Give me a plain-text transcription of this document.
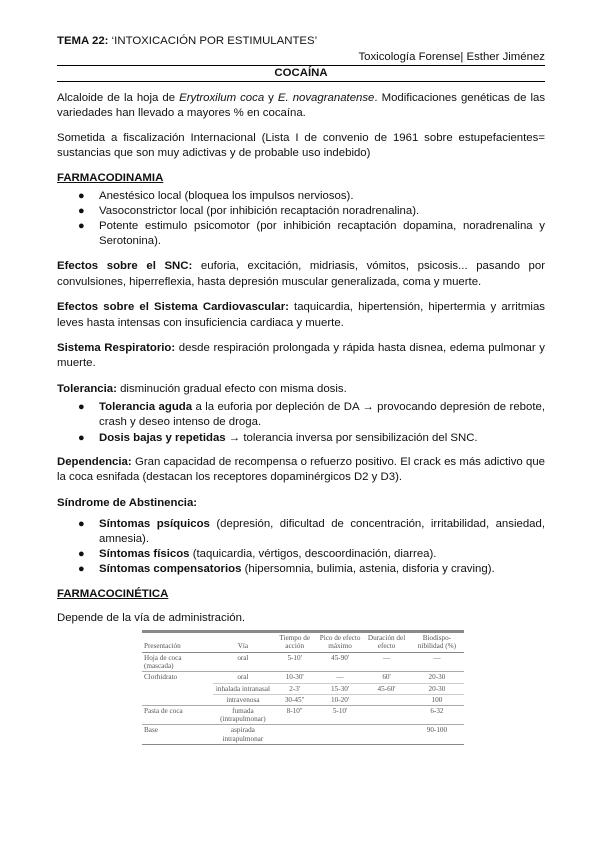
TEMA 22: ‘INTOXICACIÓN POR ESTIMULANTES’
Toxicología Forense| Esther Jiménez
COCAÍNA

Alcaloide de la hoja de Erytroxilum coca y E. novagranatense. Modificaciones genéticas de las variedades han llevado a mayores % en cocaína.

Sometida a fiscalización Internacional (Lista I de convenio de 1961 sobre estupefacientes= sustancias que son muy adictivas y de probable uso indebido)

FARMACODINAMIA
● Anestésico local (bloquea los impulsos nerviosos).
● Vasoconstrictor local (por inhibición recaptación noradrenalina).
● Potente estimulo psicomotor (por inhibición recaptación dopamina, noradrenalina y Serotonina).

Efectos sobre el SNC: euforia, excitación, midriasis, vómitos, psicosis... pasando por convulsiones, hiperreflexia, hasta depresión muscular generalizada, coma y muerte.

Efectos sobre el Sistema Cardiovascular: taquicardia, hipertensión, hipertermia y arritmias leves hasta intensas con insuficiencia cardiaca y muerte.

Sistema Respiratorio: desde respiración prolongada y rápida hasta disnea, edema pulmonar y muerte.

Tolerancia: disminución gradual efecto con misma dosis.

● Tolerancia aguda a la euforia por depleción de DA → provocando depresión de rebote, crash y deseo intenso de droga.
● Dosis bajas y repetidas → tolerancia inversa por sensibilización del SNC.

Dependencia: Gran capacidad de recompensa o refuerzo positivo. El crack es más adictivo que la coca esnifada (destacan los receptores dopaminérgicos D2 y D3).

Síndrome de Abstinencia:
● Síntomas psíquicos (depresión, dificultad de concentración, irritabilidad, ansiedad, amnesia).
● Síntomas físicos (taquicardia, vértigos, descoordinación, diarrea).
● Síntomas compensatorios (hipersomnia, bulimia, astenia, disforia y craving).
FARMACOCINÉTICA

Depende de la vía de administración.

Presentación	Vía	Tiempo de acción	Pico de efecto máximo	Duración del efecto	Biodispo-nibilidad (%)
Hoja de coca (mascada)	oral	5-10'	45-90'	—	—
Clorhidrato	oral	10-30'	—	60'	20-30
	inhalada intranasal	2-3'	15-30'	45-60'	20-30
	intravenosa	30-45"	10-20'		100
Pasta de coca	fumada (intrapulmonar)	8-10"	5-10'		6-32
Base	aspirada intrapulmonar				90-100
